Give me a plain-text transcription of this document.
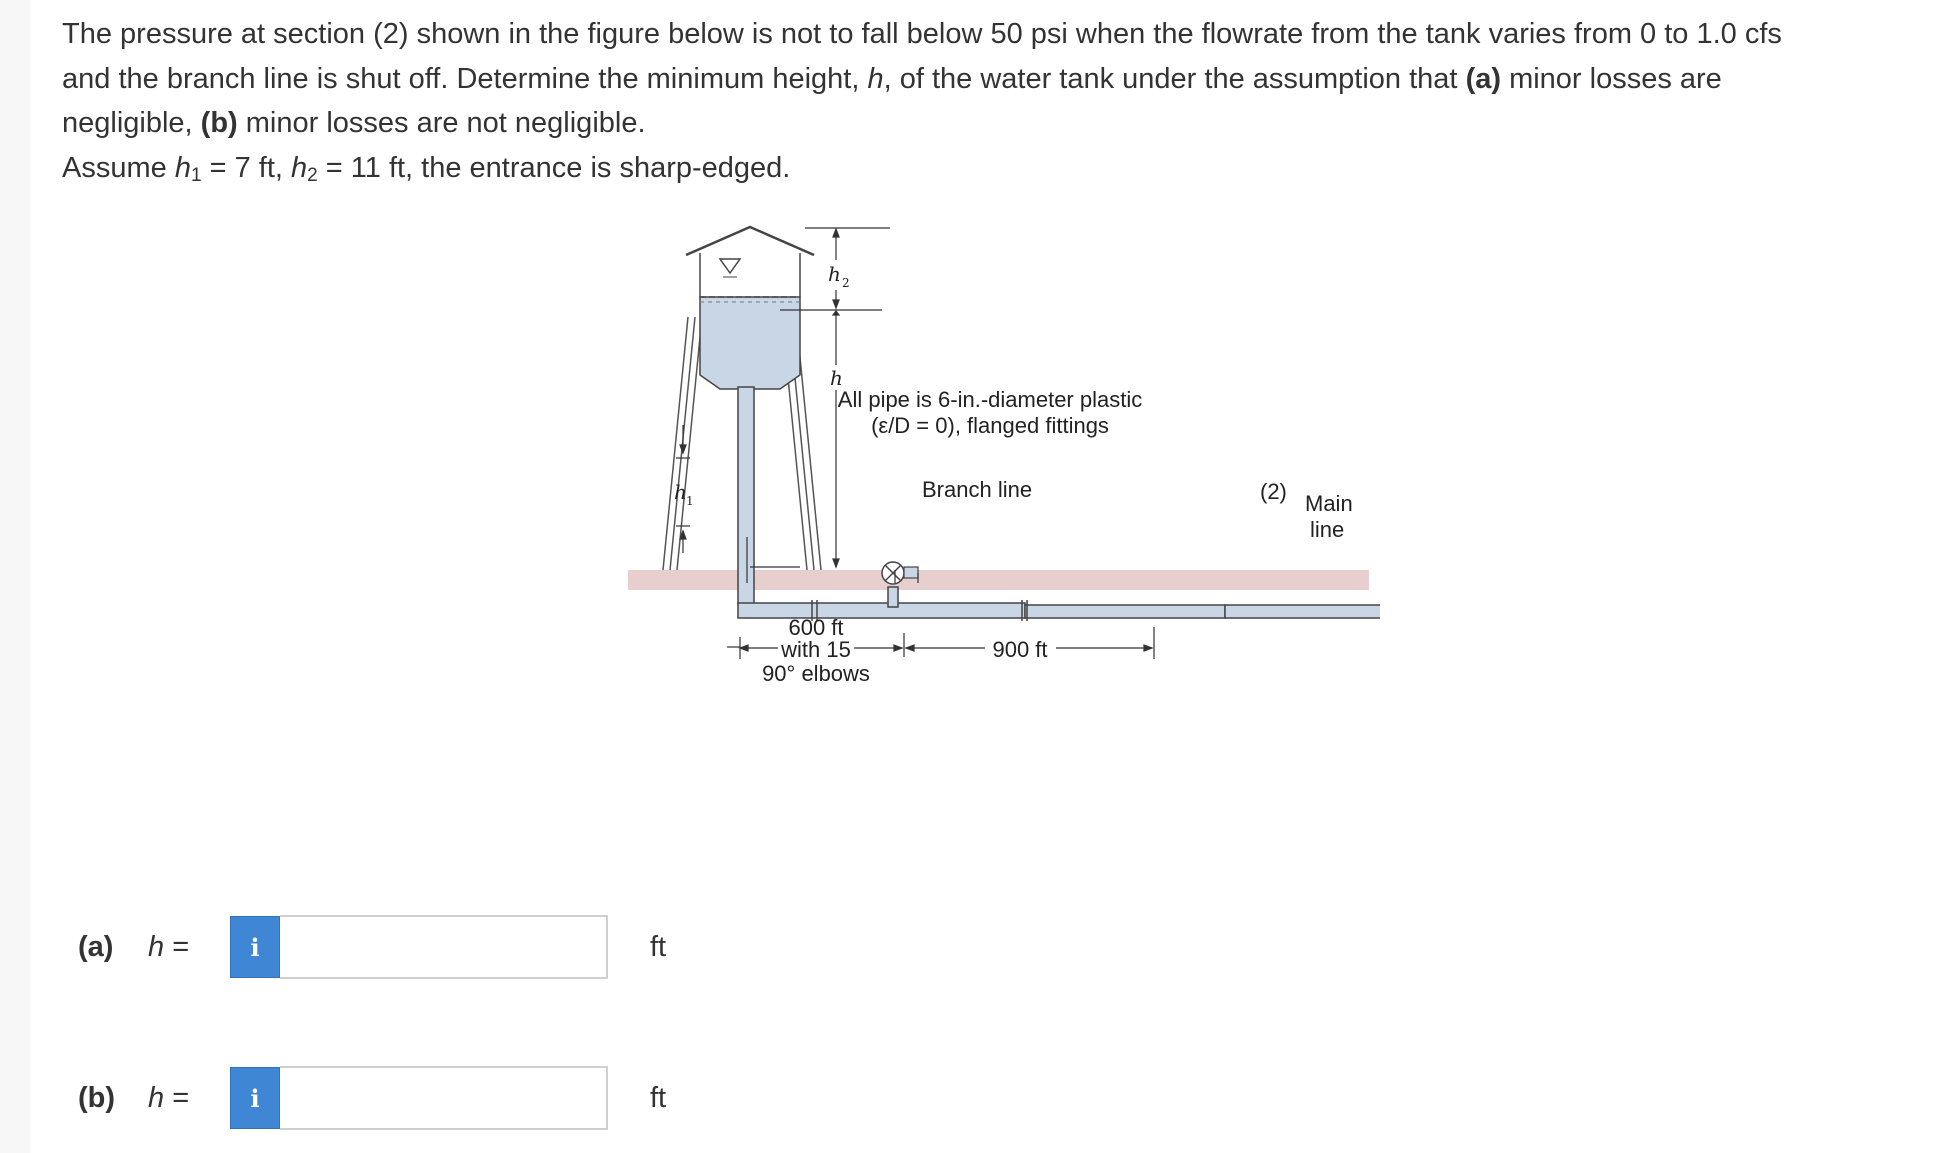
The pressure at section (2) shown in the figure below is not to fall below 50 psi when the flowrate from the tank varies from 0 to 1.0 cfs

and the branch line is shut off. Determine the minimum height, h, of the water tank under the assumption that (a) minor losses are

negligible, (b) minor losses are not negligible.

Assume $h_1 = 7$ ft, $h_2 = 11$ ft, the entrance is sharp-edged.

h 2
h
h 1
All pipe is 6-in.-diameter plastic
(ε/D = 0), flanged fittings
Branch line	(2) Main
line
600 ft
with 15
90° elbows
900 ft
(a)	h =	i	ft
(b)	h =	i	ft
